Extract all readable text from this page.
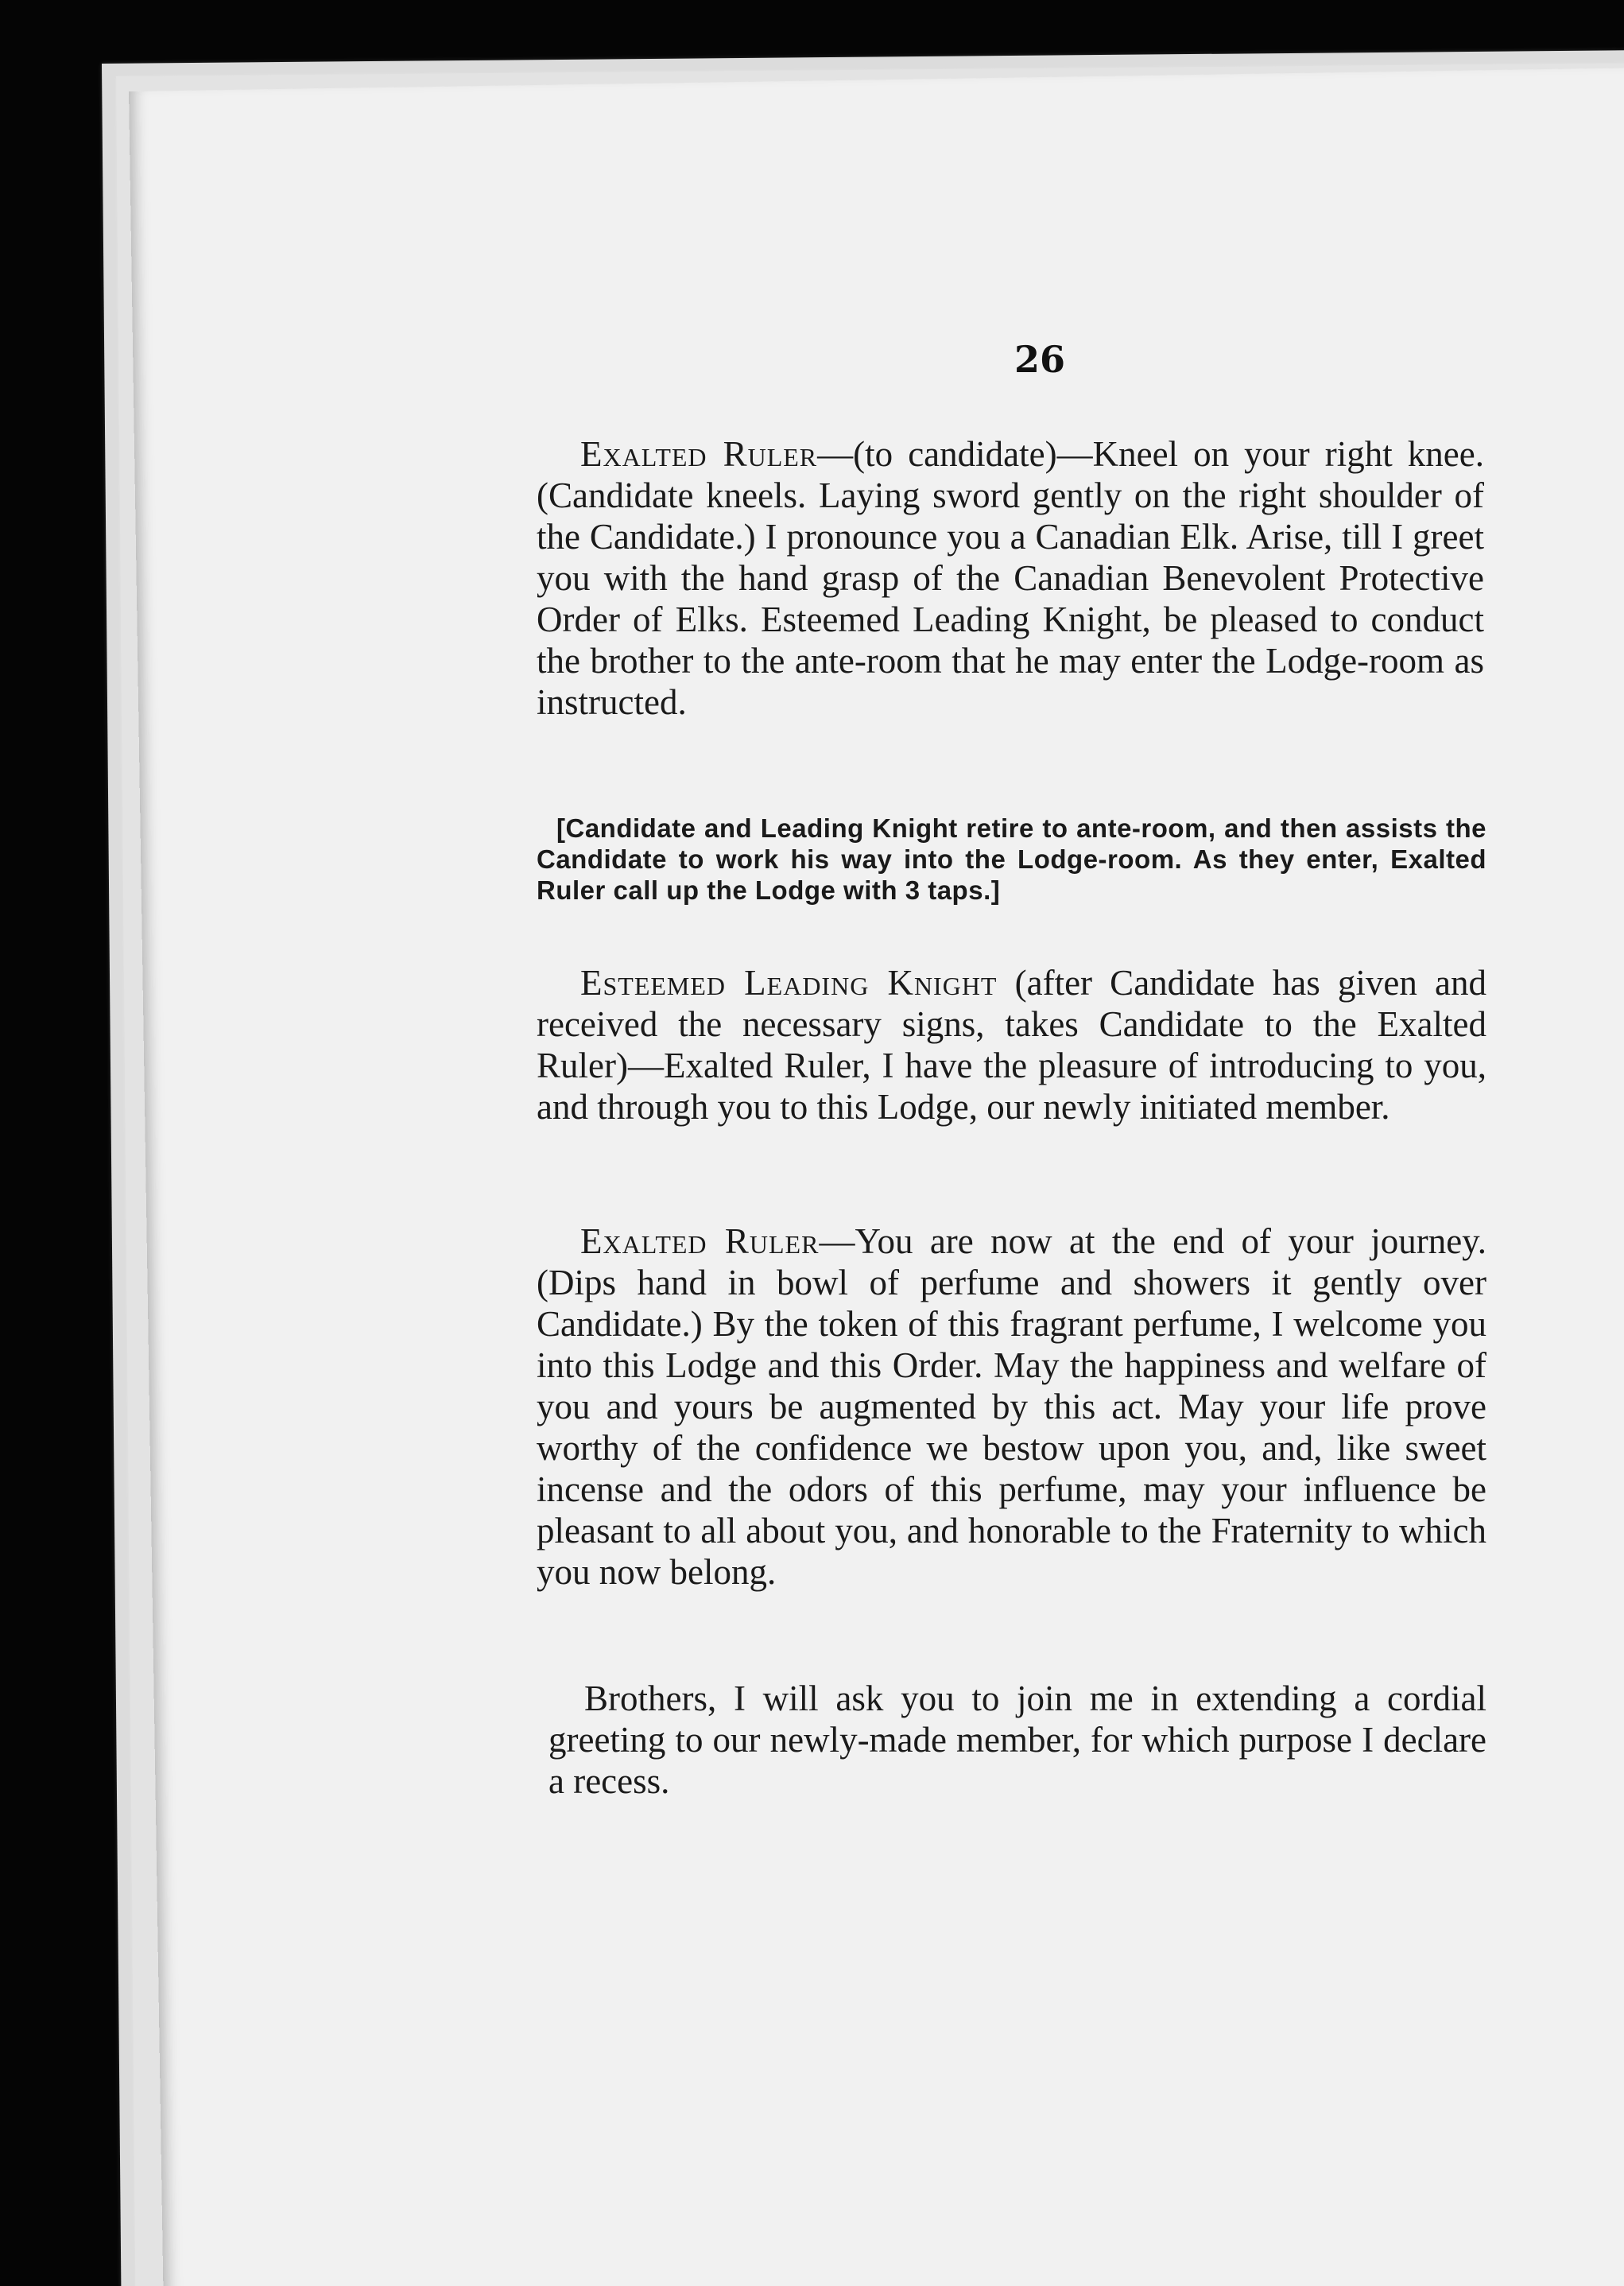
26

Exalted Ruler—(to candidate)—Kneel on your right knee. (Candidate kneels. Laying sword gently on the right shoulder of the Candidate.) I pronounce you a Canadian Elk. Arise, till I greet you with the hand grasp of the Canadian Benevolent Protective Order of Elks. Esteemed Leading Knight, be pleased to conduct the brother to the ante-room that he may enter the Lodge-room as instructed.

[Candidate and Leading Knight retire to ante-room, and then assists the Candidate to work his way into the Lodge-room. As they enter, Exalted Ruler call up the Lodge with 3 taps.]

Esteemed Leading Knight (after Candidate has given and received the necessary signs, takes Candidate to the Exalted Ruler)—Exalted Ruler, I have the pleasure of introducing to you, and through you to this Lodge, our newly initiated member.

Exalted Ruler—You are now at the end of your journey. (Dips hand in bowl of perfume and showers it gently over Candidate.) By the token of this fragrant perfume, I welcome you into this Lodge and this Order. May the happiness and welfare of you and yours be augmented by this act. May your life prove worthy of the confidence we bestow upon you, and, like sweet incense and the odors of this perfume, may your influence be pleasant to all about you, and honorable to the Fraternity to which you now belong.

Brothers, I will ask you to join me in extending a cordial greeting to our newly-made member, for which purpose I declare a recess.
